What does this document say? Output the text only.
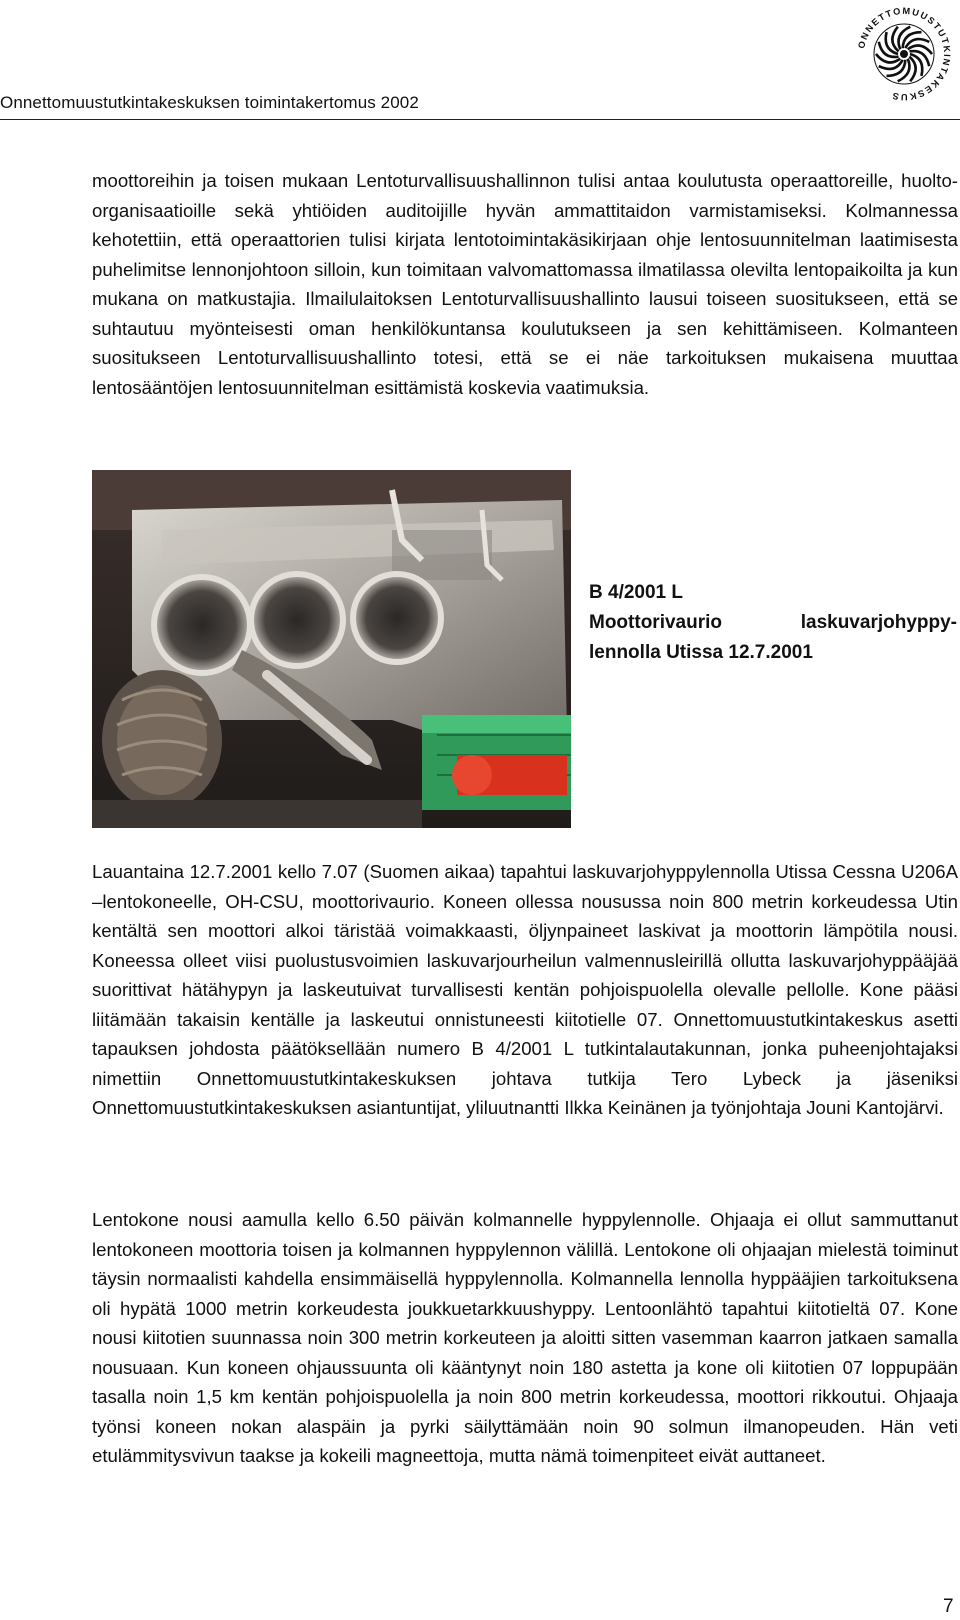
Onnettomuustutkintakeskuksen toimintakertomus 2002
ONNETTOMUUSTUTKINTAKESKUS

moottoreihin ja toisen mukaan Lentoturvallisuushallinnon tulisi antaa koulutusta operaattoreille, huolto-organisaatioille sekä yhtiöiden auditoijille hyvän ammattitaidon varmistamiseksi. Kolmannessa kehotettiin, että operaattorien tulisi kirjata lentotoimintakäsikirjaan ohje lentosuunnitelman laatimisesta puhelimitse lennonjohtoon silloin, kun toimitaan valvomattomassa ilmatilassa olevilta lentopaikoilta ja kun mukana on matkustajia. Ilmailulaitoksen Lentoturvallisuushallinto lausui toiseen suositukseen, että se suhtautuu myönteisesti oman henkilökuntansa koulutukseen ja sen kehittämiseen. Kolmanteen suositukseen Lentoturvallisuushallinto totesi, että se ei näe tarkoituksen mukaisena muuttaa lentosääntöjen lentosuunnitelman esittämistä koskevia vaatimuksia.

B 4/2001 L
Moottorivaurio	laskuvarjohyppy-
lennolla Utissa 12.7.2001

Lauantaina 12.7.2001 kello 7.07 (Suomen aikaa) tapahtui laskuvarjohyppylennolla Utissa Cessna U206A –lentokoneelle, OH-CSU, moottorivaurio. Koneen ollessa nousussa noin 800 metrin korkeudessa Utin kentältä sen moottori alkoi täristää voimakkaasti, öljynpaineet laskivat ja moottorin lämpötila nousi. Koneessa olleet viisi puolustusvoimien laskuvarjourheilun valmennusleirillä ollutta laskuvarjohyppääjää suorittivat hätähypyn ja laskeutuivat turvallisesti kentän pohjoispuolella olevalle pellolle. Kone pääsi liitämään takaisin kentälle ja laskeutui onnistuneesti kiitotielle 07. Onnettomuustutkintakeskus asetti tapauksen johdosta päätöksellään numero B 4/2001 L tutkintalautakunnan, jonka puheenjohtajaksi nimettiin Onnettomuustutkintakeskuksen johtava tutkija Tero Lybeck ja jäseniksi Onnettomuustutkintakeskuksen asiantuntijat, yliluutnantti Ilkka Keinänen ja työnjohtaja Jouni Kantojärvi.

Lentokone nousi aamulla kello 6.50 päivän kolmannelle hyppylennolle. Ohjaaja ei ollut sammuttanut lentokoneen moottoria toisen ja kolmannen hyppylennon välillä. Lentokone oli ohjaajan mielestä toiminut täysin normaalisti kahdella ensimmäisellä hyppylennolla. Kolmannella lennolla hyppääjien tarkoituksena oli hypätä 1000 metrin korkeudesta joukkuetarkkuushyppy. Lentoonlähtö tapahtui kiitotieltä 07. Kone nousi kiitotien suunnassa noin 300 metrin korkeuteen ja aloitti sitten vasemman kaarron jatkaen samalla nousuaan. Kun koneen ohjaussuunta oli kääntynyt noin 180 astetta ja kone oli kiitotien 07 loppupään tasalla noin 1,5 km kentän pohjoispuolella ja noin 800 metrin korkeudessa, moottori rikkoutui. Ohjaaja työnsi koneen nokan alaspäin ja pyrki säilyttämään noin 90 solmun ilmanopeuden. Hän veti etulämmitysvivun taakse ja kokeili magneettoja, mutta nämä toimenpiteet eivät auttaneet.

7
